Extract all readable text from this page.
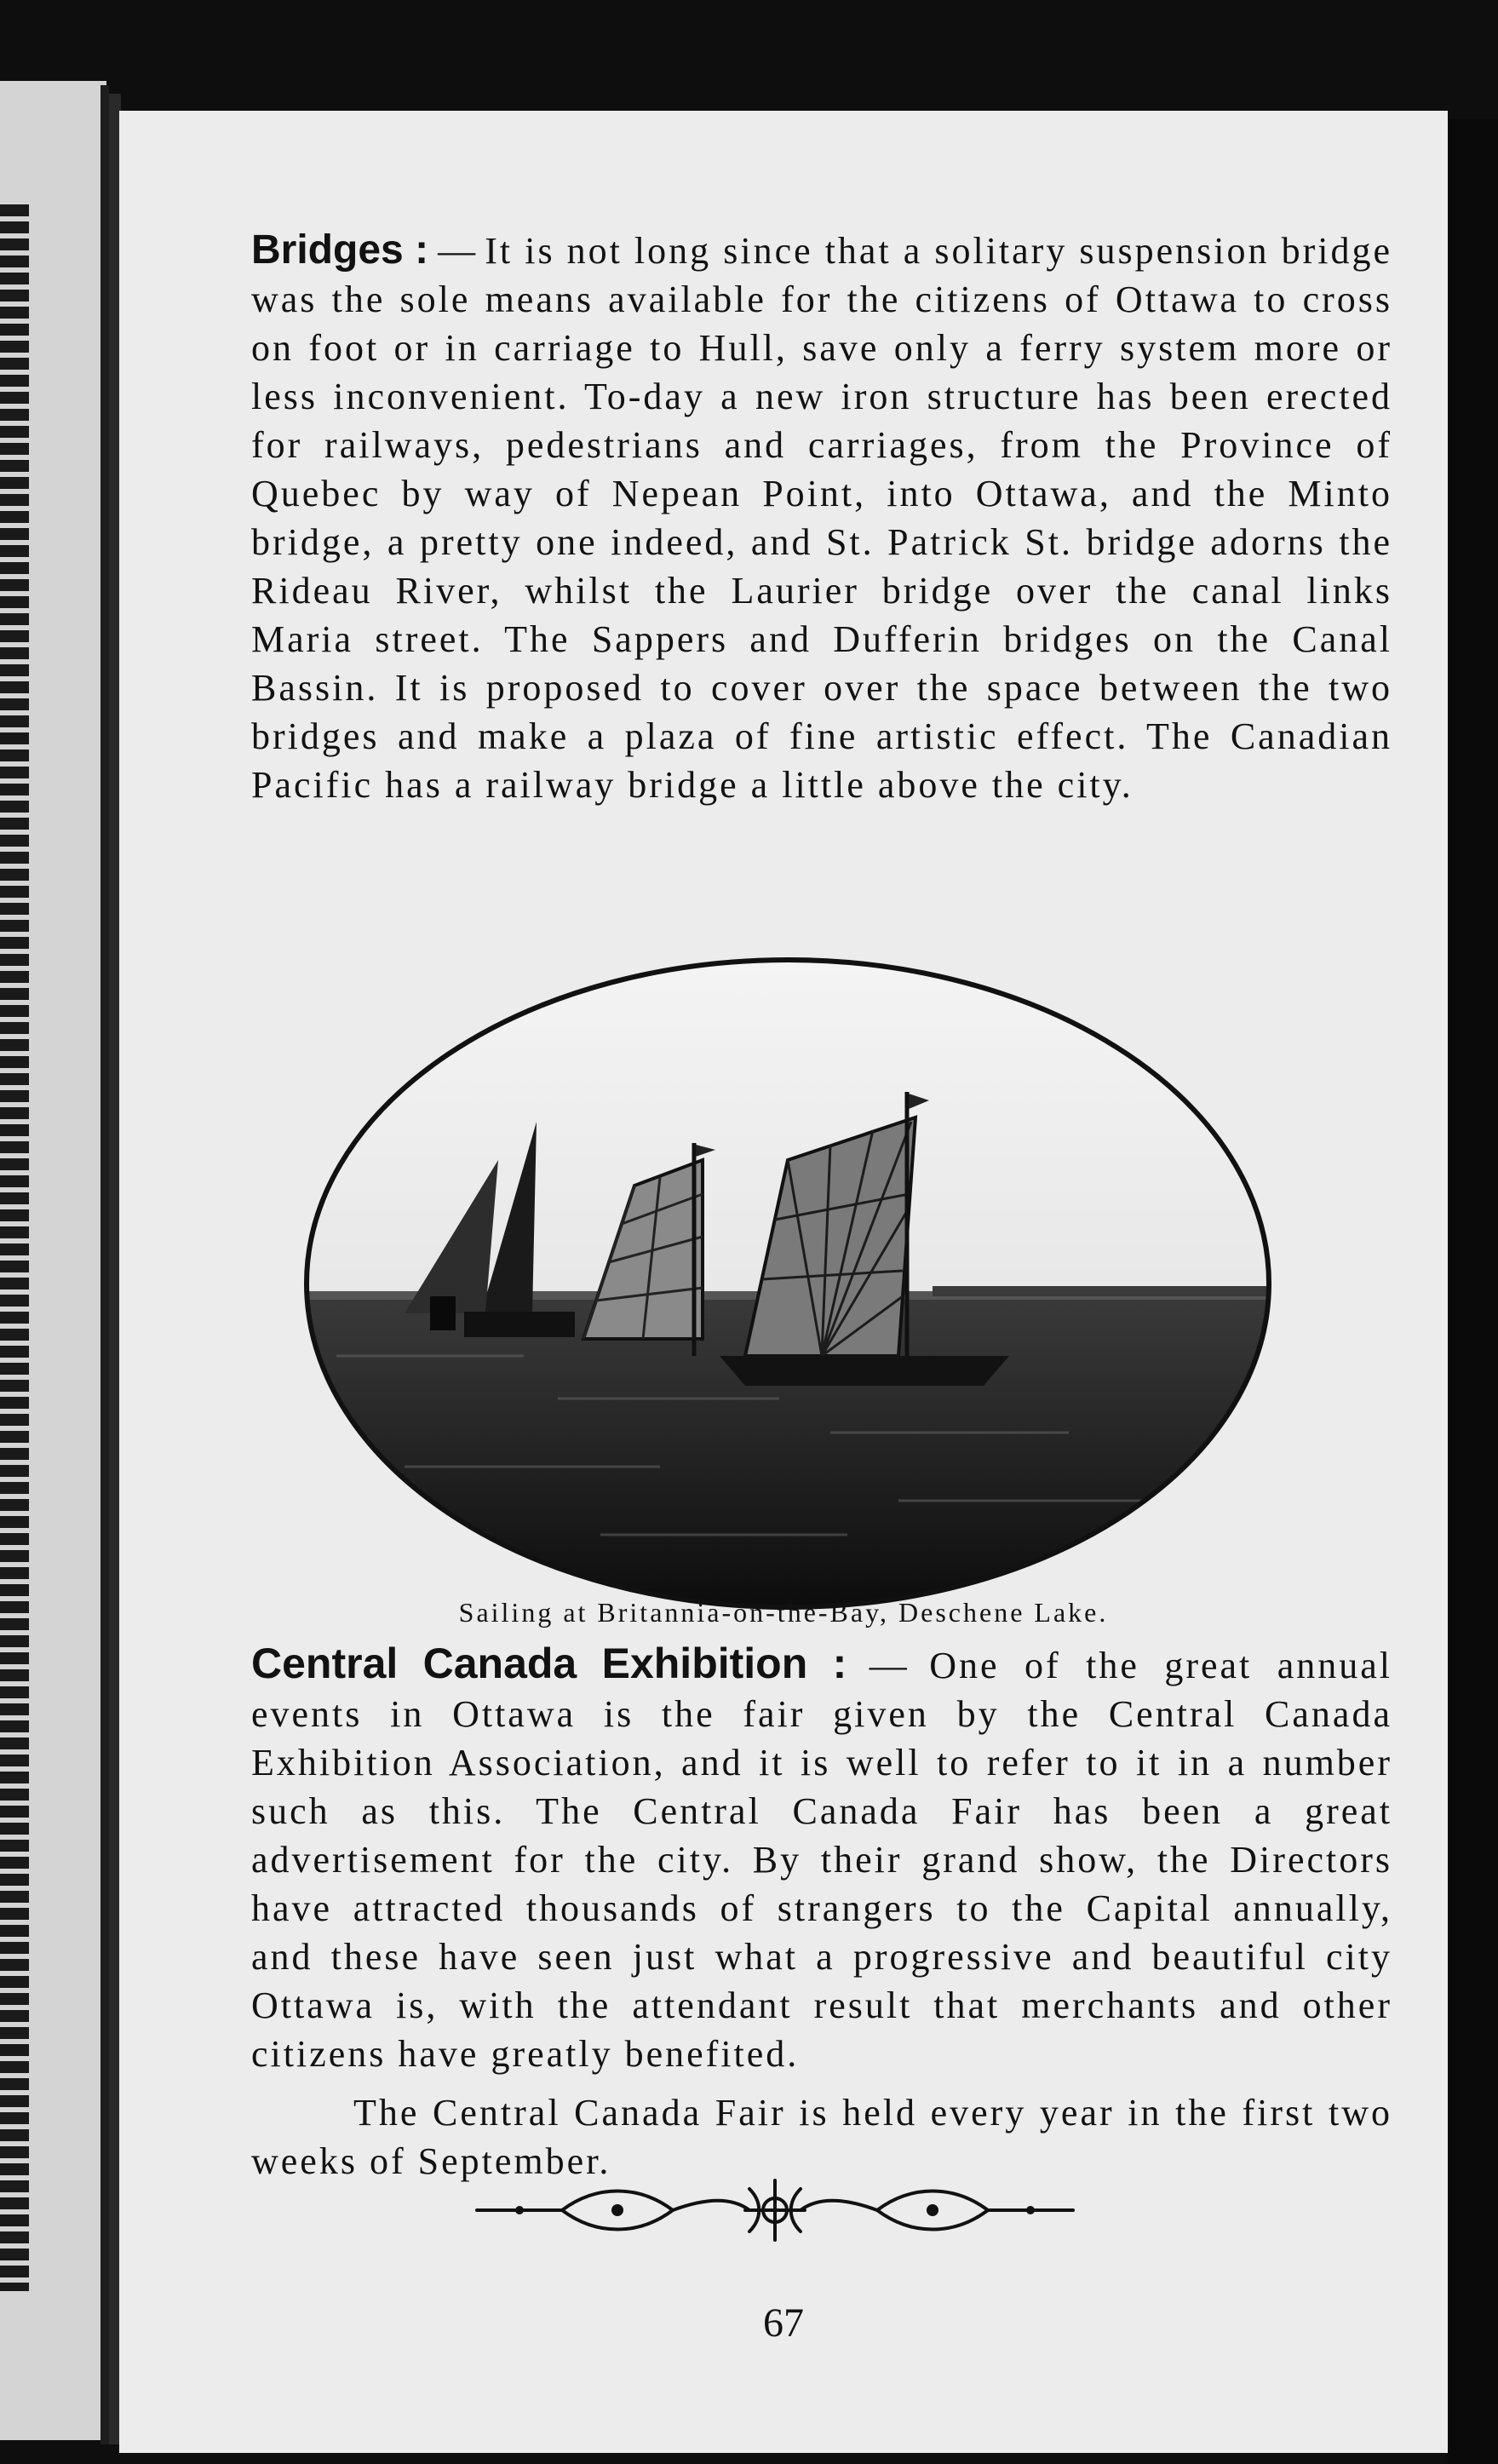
Bridges : — It is not long since that a solitary suspension bridge was the sole means available for the citizens of Ottawa to cross on foot or in carriage to Hull, save only a ferry system more or less inconvenient. To-day a new iron structure has been erected for railways, pedestrians and carriages, from the Province of Quebec by way of Nepean Point, into Ottawa, and the Minto bridge, a pretty one indeed, and St. Patrick St. bridge adorns the Rideau River, whilst the Laurier bridge over the canal links Maria street. The Sappers and Dufferin bridges on the Canal Bassin. It is proposed to cover over the space between the two bridges and make a plaza of fine artistic effect. The Canadian Pacific has a railway bridge a little above the city.

Sailing at Britannia-on-the-Bay, Deschene Lake.

Central Canada Exhibition : — One of the great annual events in Ottawa is the fair given by the Central Canada Exhibition Association, and it is well to refer to it in a number such as this. The Central Canada Fair has been a great advertisement for the city. By their grand show, the Directors have attracted thousands of strangers to the Capital annually, and these have seen just what a progressive and beautiful city Ottawa is, with the attendant result that merchants and other citizens have greatly benefited.

The Central Canada Fair is held every year in the first two weeks of September.

67
